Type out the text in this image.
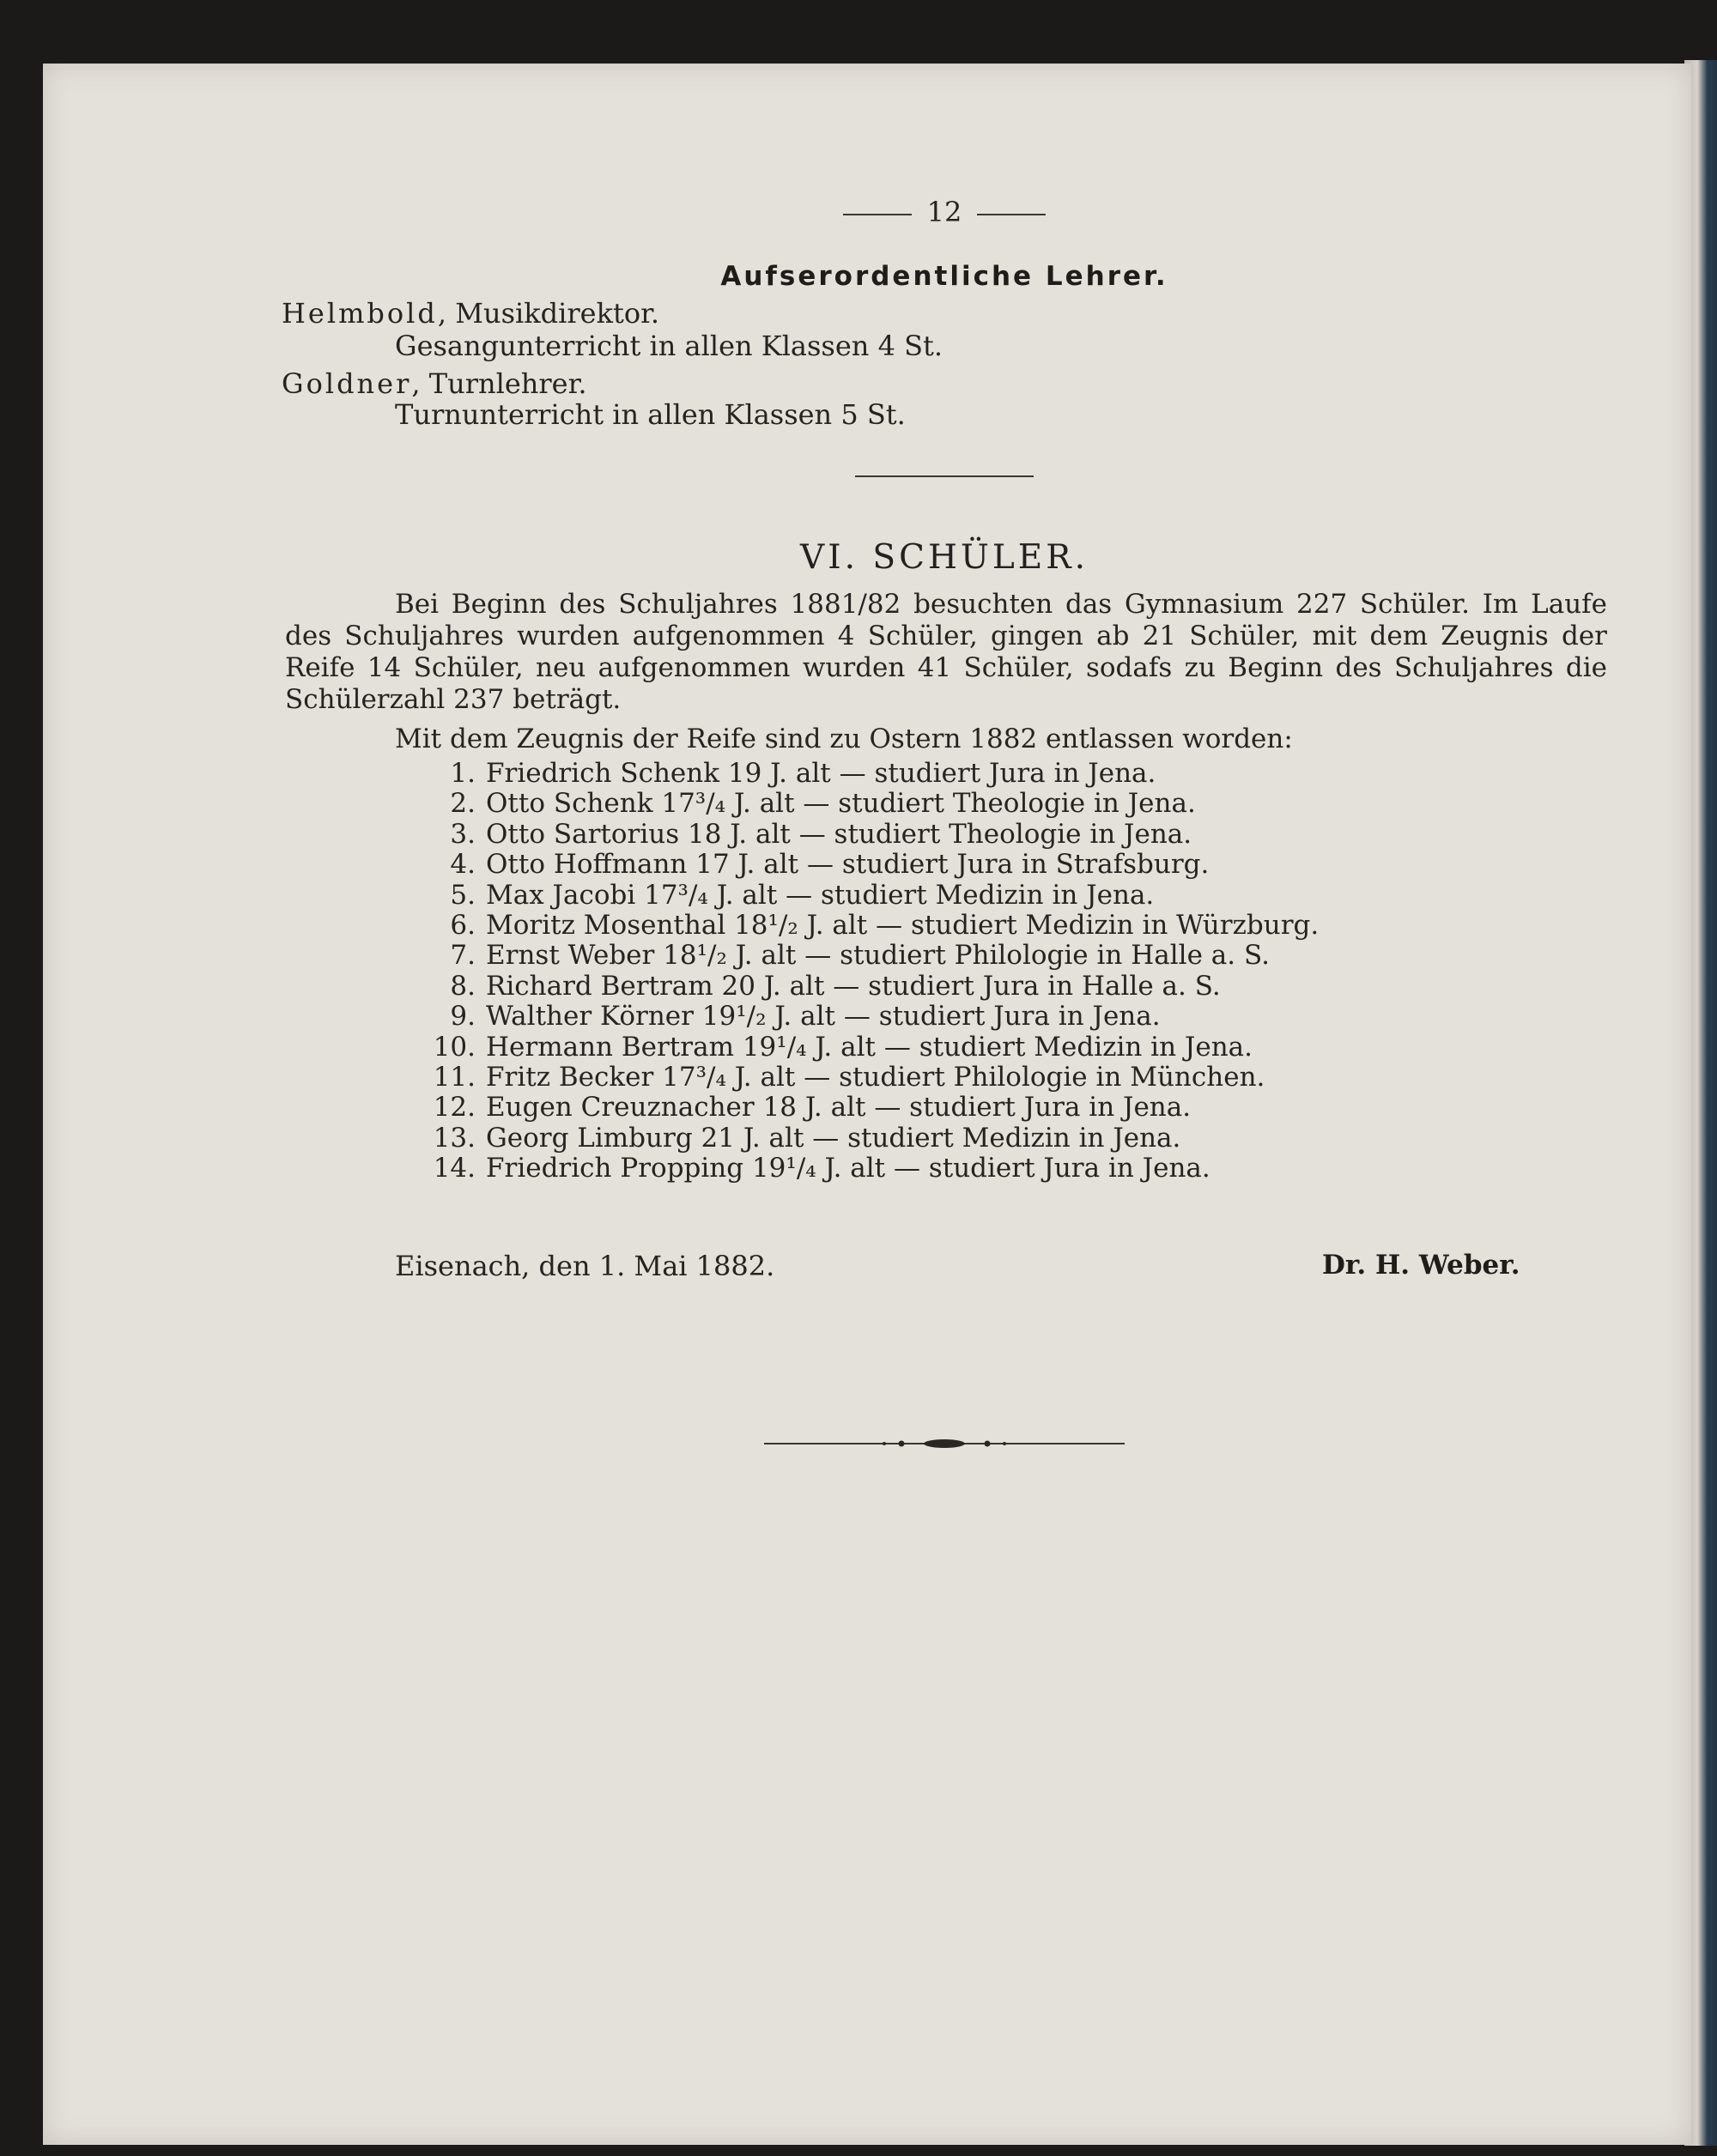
12
Aufserordentliche Lehrer.
Helmbold, Musikdirektor.
Gesangunterricht in allen Klassen 4 St.
Goldner, Turnlehrer.
Turnunterricht in allen Klassen 5 St.
VI. SCHÜLER.
Bei Beginn des Schuljahres 1881/82 besuchten das Gymnasium 227 Schüler. Im Laufe des Schuljahres wurden aufgenommen 4 Schüler, gingen ab 21 Schüler, mit dem Zeugnis der Reife 14 Schüler, neu aufgenommen wurden 41 Schüler, sodafs zu Beginn des Schuljahres die Schülerzahl 237 beträgt.
Mit dem Zeugnis der Reife sind zu Ostern 1882 entlassen worden:
1. Friedrich Schenk 19 J. alt — studiert Jura in Jena.
2. Otto Schenk 17³/₄ J. alt — studiert Theologie in Jena.
3. Otto Sartorius 18 J. alt — studiert Theologie in Jena.
4. Otto Hoffmann 17 J. alt — studiert Jura in Strafsburg.
5. Max Jacobi 17³/₄ J. alt — studiert Medizin in Jena.
6. Moritz Mosenthal 18¹/₂ J. alt — studiert Medizin in Würzburg.
7. Ernst Weber 18¹/₂ J. alt — studiert Philologie in Halle a. S.
8. Richard Bertram 20 J. alt — studiert Jura in Halle a. S.
9. Walther Körner 19¹/₂ J. alt — studiert Jura in Jena.
10. Hermann Bertram 19¹/₄ J. alt — studiert Medizin in Jena.
11. Fritz Becker 17³/₄ J. alt — studiert Philologie in München.
12. Eugen Creuznacher 18 J. alt — studiert Jura in Jena.
13. Georg Limburg 21 J. alt — studiert Medizin in Jena.
14. Friedrich Propping 19¹/₄ J. alt — studiert Jura in Jena.
Eisenach, den 1. Mai 1882.	Dr. H. Weber.
